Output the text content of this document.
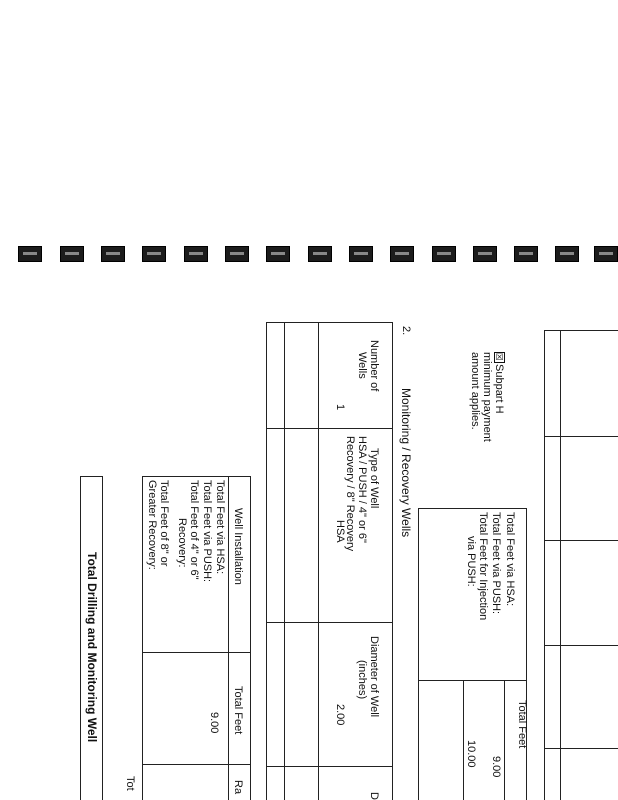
☒
Subpart H
minimum payment
amount applies.
Total Feet via HSA:
Total Feet via PUSH:
Total Feet for Injection
via PUSH:
Total Feet
9.00
10.00
2.
Monitoring / Recovery Wells
Number of
Wells
Type of Well
HSA / PUSH / 4" or 6"
Recovery / 8" Recovery
Diameter of Well
(inches)
D
1
HSA
2.00
Well Installation
Total Feet
Ra
Total Feet via HSA:
Total Feet via PUSH:
Total Feet of 4" or 6"
Recovery:
Total Feet of 8" or
Greater Recovery:
9.00
Tot
Total Drilling and Monitoring Well
